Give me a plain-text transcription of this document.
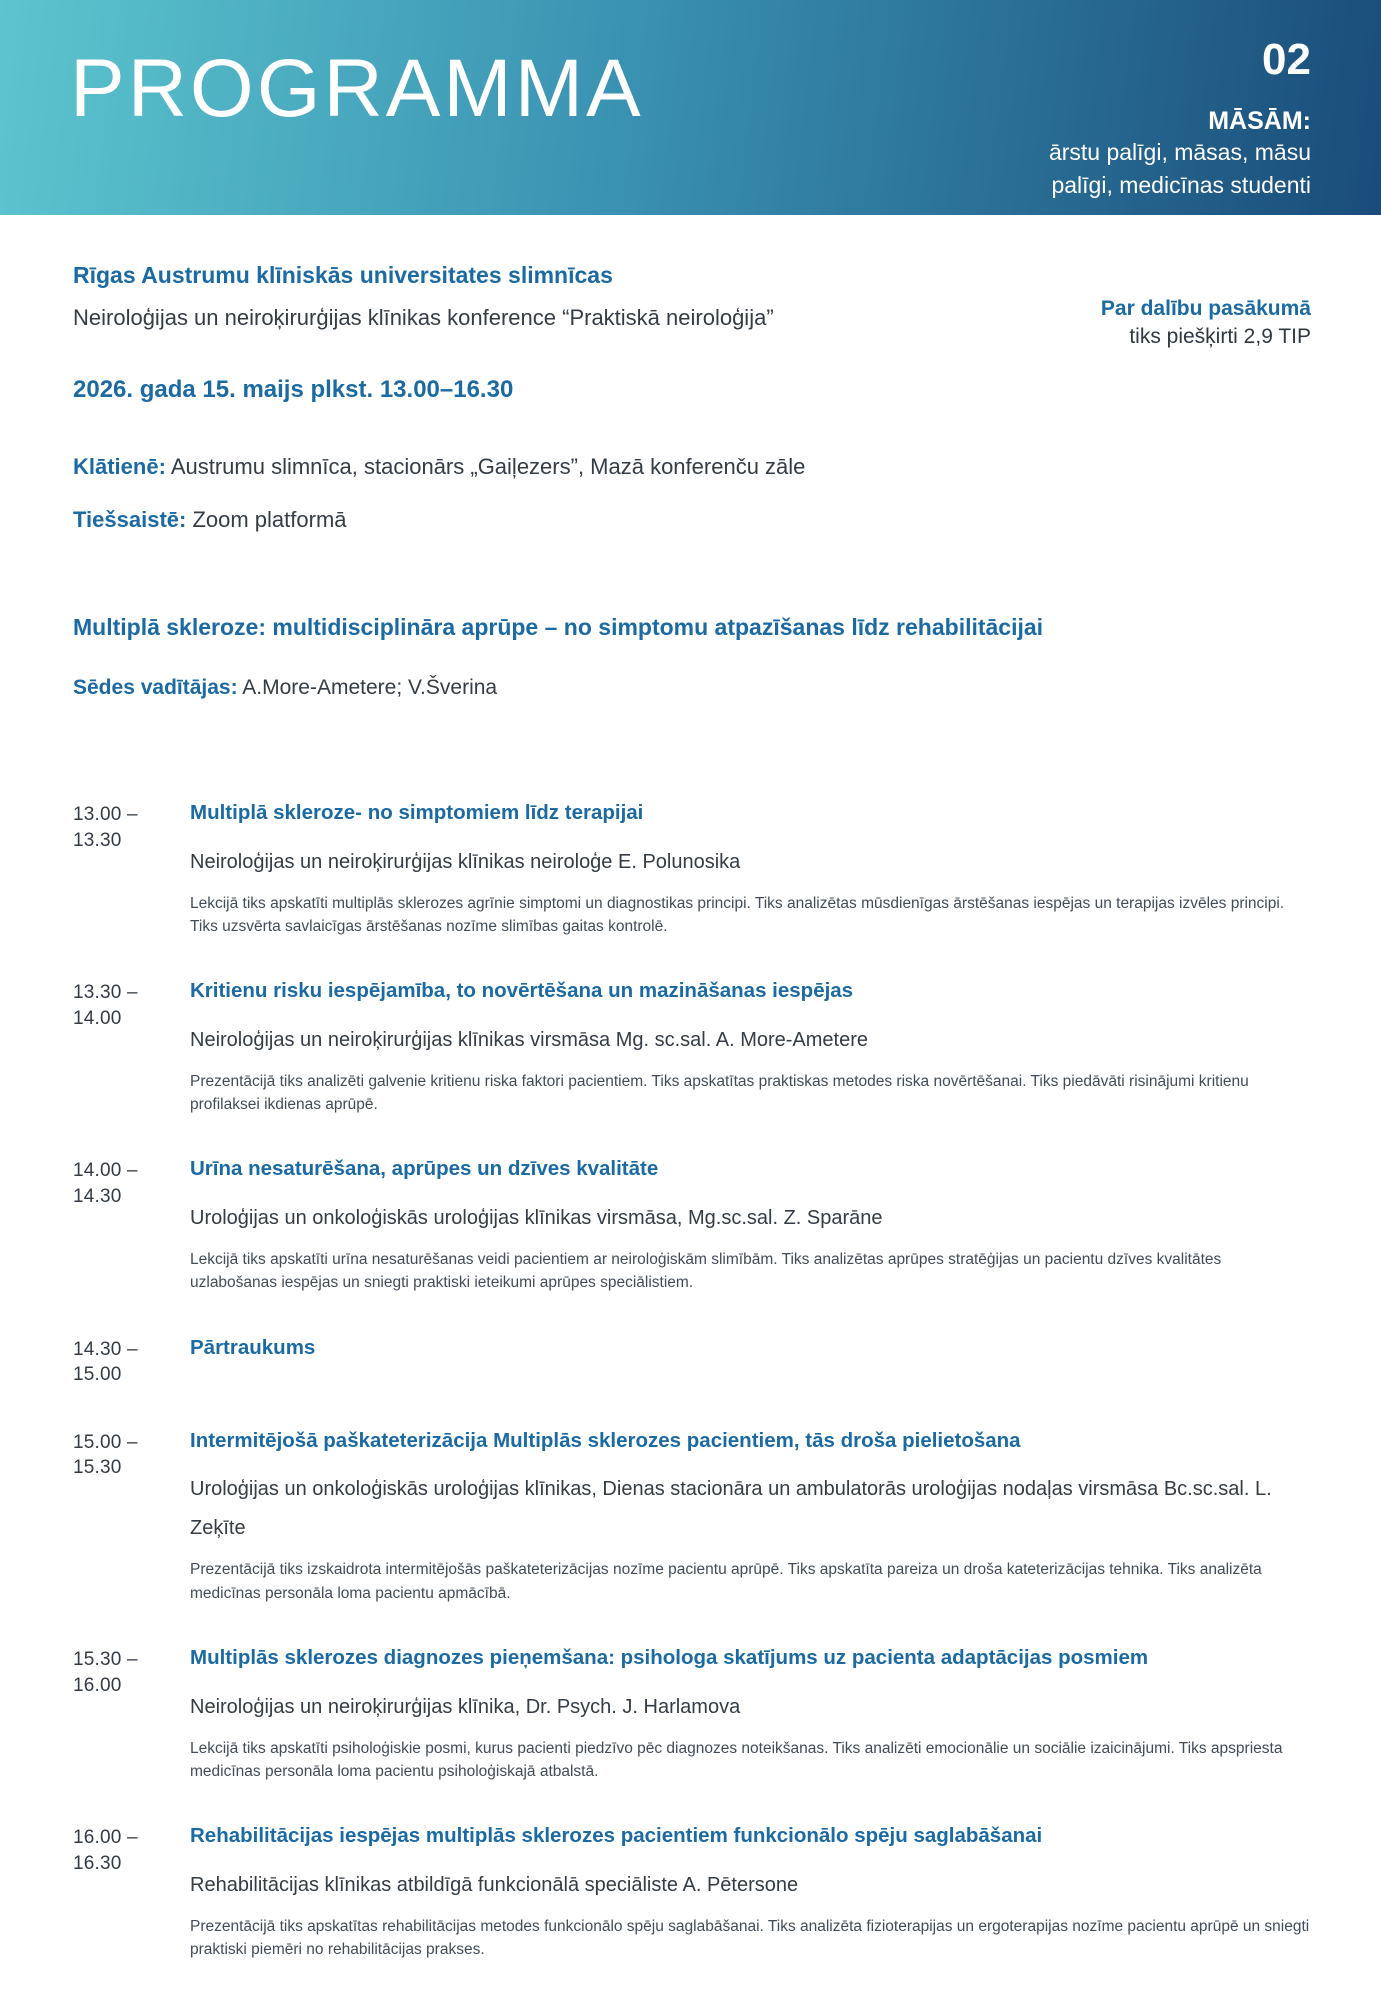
PROGRAMMA	02
MĀSĀM:
ārstu palīgi, māsas, māsu
palīgi, medicīnas studenti
Par dalību pasākumā
tiks piešķirti 2,9 TIP
Rīgas Austrumu klīniskās universitates slimnīcas
Neiroloģijas un neiroķirurģijas klīnikas konference “Praktiskā neiroloģija”
2026. gada 15. maijs plkst. 13.00–16.30
Klātienē: Austrumu slimnīca, stacionārs „Gaiļezers”, Mazā konferenču zāle
Tiešsaistē: Zoom platformā
Multiplā skleroze: multidisciplināra aprūpe – no simptomu atpazīšanas līdz rehabilitācijai
Sēdes vadītājas: A.More-Ametere; V.Šverina
13.00 – 13.30
Multiplā skleroze- no simptomiem līdz terapijai
Neiroloģijas un neiroķirurģijas klīnikas neiroloģe E. Polunosika
Lekcijā tiks apskatīti multiplās sklerozes agrīnie simptomi un diagnostikas principi. Tiks analizētas mūsdienīgas ārstēšanas iespējas un terapijas izvēles principi. Tiks uzsvērta savlaicīgas ārstēšanas nozīme slimības gaitas kontrolē.
13.30 – 14.00
Kritienu risku iespējamība, to novērtēšana un mazināšanas iespējas
Neiroloģijas un neiroķirurģijas klīnikas virsmāsa Mg. sc.sal. A. More-Ametere
Prezentācijā tiks analizēti galvenie kritienu riska faktori pacientiem. Tiks apskatītas praktiskas metodes riska novērtēšanai. Tiks piedāvāti risinājumi kritienu profilaksei ikdienas aprūpē.
14.00 – 14.30
Urīna nesaturēšana, aprūpes un dzīves kvalitāte
Uroloģijas un onkoloģiskās uroloģijas klīnikas virsmāsa, Mg.sc.sal. Z. Sparāne
Lekcijā tiks apskatīti urīna nesaturēšanas veidi pacientiem ar neiroloģiskām slimībām. Tiks analizētas aprūpes stratēģijas un pacientu dzīves kvalitātes uzlabošanas iespējas un sniegti praktiski ieteikumi aprūpes speciālistiem.
14.30 – 15.00
Pārtraukums
15.00 – 15.30
Intermitējošā paškateterizācija Multiplās sklerozes pacientiem, tās droša pielietošana
Uroloģijas un onkoloģiskās uroloģijas klīnikas, Dienas stacionāra un ambulatorās uroloģijas nodaļas virsmāsa Bc.sc.sal. L. Zeķīte
Prezentācijā tiks izskaidrota intermitējošās paškateterizācijas nozīme pacientu aprūpē. Tiks apskatīta pareiza un droša kateterizācijas tehnika. Tiks analizēta medicīnas personāla loma pacientu apmācībā.
15.30 – 16.00
Multiplās sklerozes diagnozes pieņemšana: psihologa skatījums uz pacienta adaptācijas posmiem
Neiroloģijas un neiroķirurģijas klīnika, Dr. Psych. J. Harlamova
Lekcijā tiks apskatīti psiholoģiskie posmi, kurus pacienti piedzīvo pēc diagnozes noteikšanas. Tiks analizēti emocionālie un sociālie izaicinājumi. Tiks apspriesta medicīnas personāla loma pacientu psiholoģiskajā atbalstā.
16.00 – 16.30
Rehabilitācijas iespējas multiplās sklerozes pacientiem funkcionālo spēju saglabāšanai
Rehabilitācijas klīnikas atbildīgā funkcionālā speciāliste A. Pētersone
Prezentācijā tiks apskatītas rehabilitācijas metodes funkcionālo spēju saglabāšanai. Tiks analizēta fizioterapijas un ergoterapijas nozīme pacientu aprūpē un sniegti praktiski piemēri no rehabilitācijas prakses.
